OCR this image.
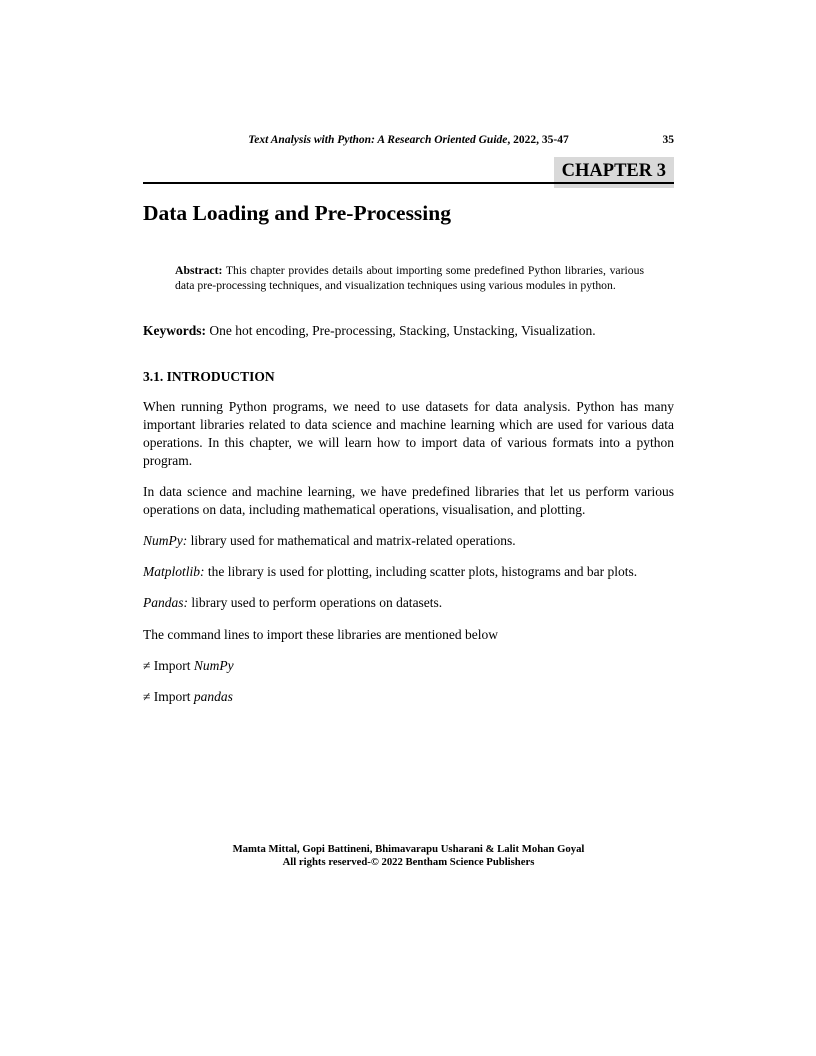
Text Analysis with Python: A Research Oriented Guide, 2022, 35-47	35
CHAPTER 3
Data Loading and Pre-Processing

Abstract: This chapter provides details about importing some predefined Python libraries, various data pre-processing techniques, and visualization techniques using various modules in python.

Keywords: One hot encoding, Pre-processing, Stacking, Unstacking, Visualization.

3.1. INTRODUCTION

When running Python programs, we need to use datasets for data analysis. Python has many important libraries related to data science and machine learning which are used for various data operations. In this chapter, we will learn how to import data of various formats into a python program.

In data science and machine learning, we have predefined libraries that let us perform various operations on data, including mathematical operations, visualisation, and plotting.

NumPy: library used for mathematical and matrix-related operations.

Matplotlib: the library is used for plotting, including scatter plots, histograms and bar plots.

Pandas: library used to perform operations on datasets.

The command lines to import these libraries are mentioned below

≠ Import NumPy

≠ Import pandas

Mamta Mittal, Gopi Battineni, Bhimavarapu Usharani & Lalit Mohan Goyal
All rights reserved-© 2022 Bentham Science Publishers
